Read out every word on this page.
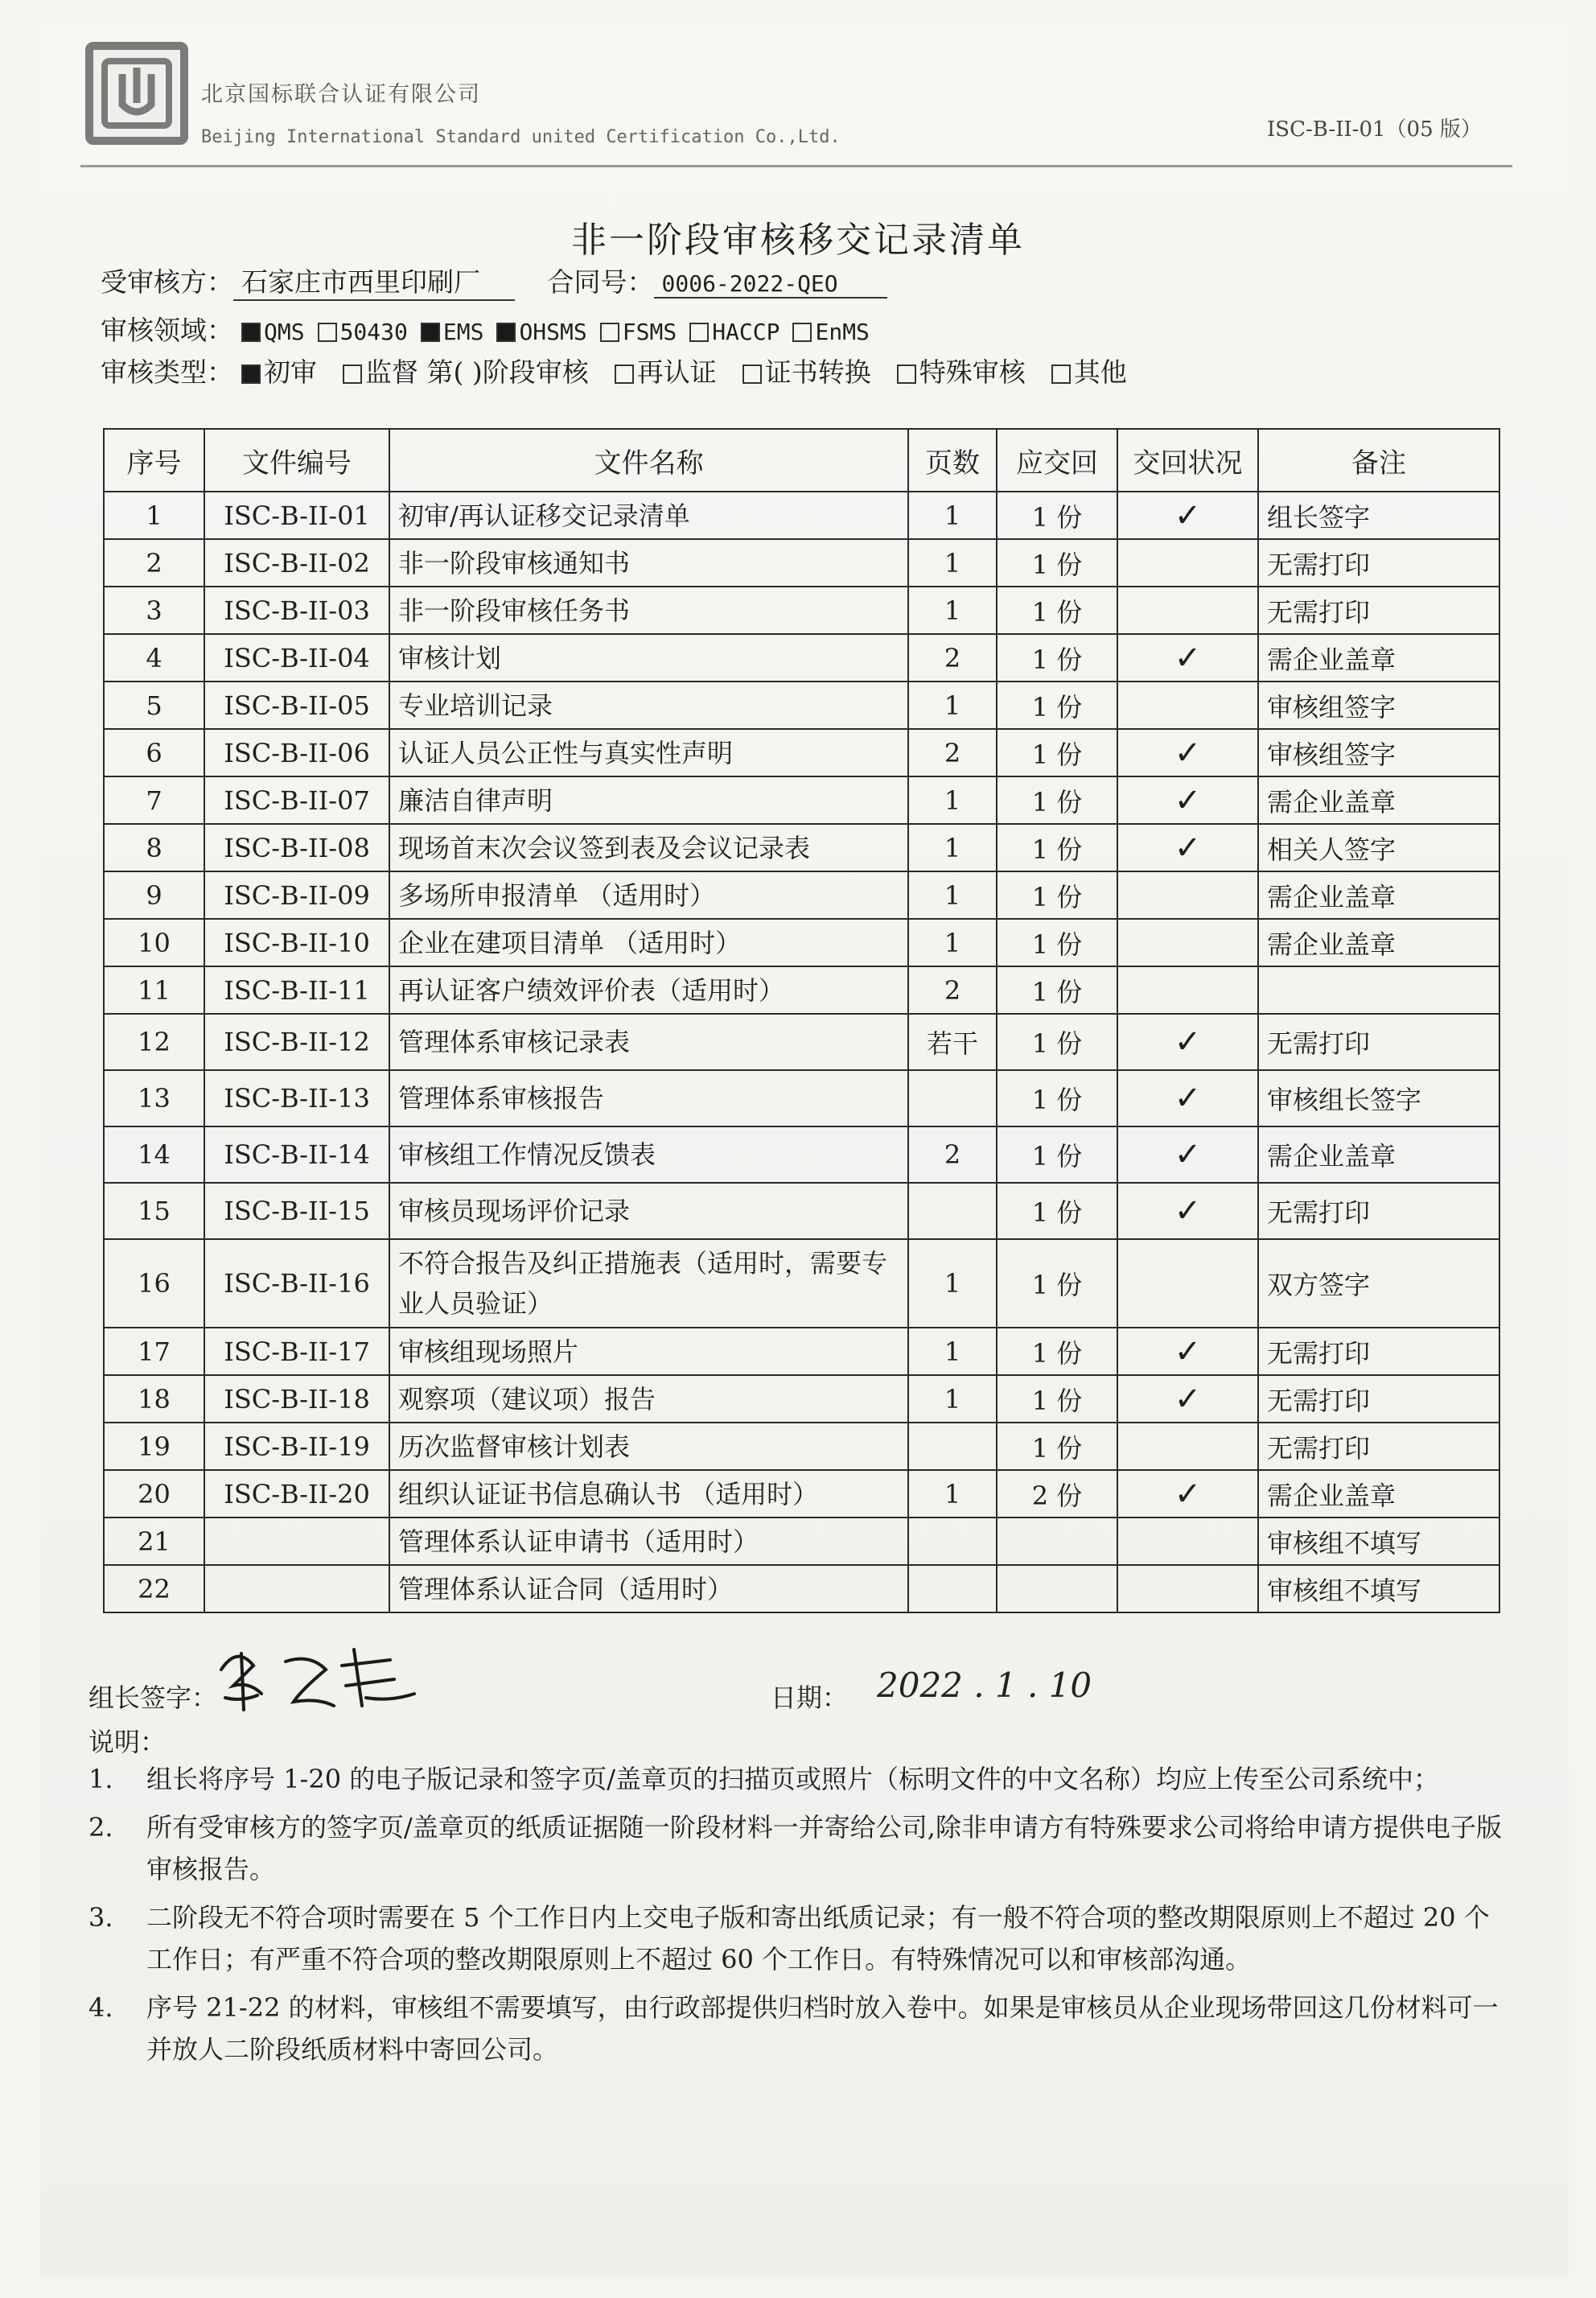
北京国标联合认证有限公司
Beijing International Standard united Certification Co.,Ltd.	ISC-B-II-01（05 版）
非一阶段审核移交记录清单
受审核方： 石家庄市西里印刷厂	合同号： 0006-2022-QEO
审核领域： QMS 50430 EMS OHSMS FSMS HACCP EnMS
审核类型： 初审 监督 第( )阶段审核 再认证 证书转换 特殊审核 其他
序号	文件编号	文件名称	页数	应交回	交回状况	备注
1	ISC-B-II-01	初审/再认证移交记录清单	1	1 份	✓	组长签字
2	ISC-B-II-02	非一阶段审核通知书	1	1 份		无需打印
3	ISC-B-II-03	非一阶段审核任务书	1	1 份		无需打印
4	ISC-B-II-04	审核计划	2	1 份	✓	需企业盖章
5	ISC-B-II-05	专业培训记录	1	1 份		审核组签字
6	ISC-B-II-06	认证人员公正性与真实性声明	2	1 份	✓	审核组签字
7	ISC-B-II-07	廉洁自律声明	1	1 份	✓	需企业盖章
8	ISC-B-II-08	现场首末次会议签到表及会议记录表	1	1 份	✓	相关人签字
9	ISC-B-II-09	多场所申报清单 （适用时）	1	1 份		需企业盖章
10	ISC-B-II-10	企业在建项目清单 （适用时）	1	1 份		需企业盖章
11	ISC-B-II-11	再认证客户绩效评价表（适用时）	2	1 份		
12	ISC-B-II-12	管理体系审核记录表	若干	1 份	✓	无需打印
13	ISC-B-II-13	管理体系审核报告		1 份	✓	审核组长签字
14	ISC-B-II-14	审核组工作情况反馈表	2	1 份	✓	需企业盖章
15	ISC-B-II-15	审核员现场评价记录		1 份	✓	无需打印
16	ISC-B-II-16	不符合报告及纠正措施表（适用时，需要专业人员验证）	1	1 份		双方签字
17	ISC-B-II-17	审核组现场照片	1	1 份	✓	无需打印
18	ISC-B-II-18	观察项（建议项）报告	1	1 份	✓	无需打印
19	ISC-B-II-19	历次监督审核计划表		1 份		无需打印
20	ISC-B-II-20	组织认证证书信息确认书 （适用时）	1	2 份	✓	需企业盖章
21		管理体系认证申请书（适用时）				审核组不填写
22		管理体系认证合同（适用时）				审核组不填写
组长签字：	日期： 2022 . 1 . 10
说明：
1.	组长将序号 1-20 的电子版记录和签字页/盖章页的扫描页或照片（标明文件的中文名称）均应上传至公司系统中；
2.	所有受审核方的签字页/盖章页的纸质证据随一阶段材料一并寄给公司,除非申请方有特殊要求公司将给申请方提供电子版审核报告。
3.	二阶段无不符合项时需要在 5 个工作日内上交电子版和寄出纸质记录；有一般不符合项的整改期限原则上不超过 20 个工作日；有严重不符合项的整改期限原则上不超过 60 个工作日。有特殊情况可以和审核部沟通。
4.	序号 21-22 的材料，审核组不需要填写，由行政部提供归档时放入卷中。如果是审核员从企业现场带回这几份材料可一并放人二阶段纸质材料中寄回公司。
